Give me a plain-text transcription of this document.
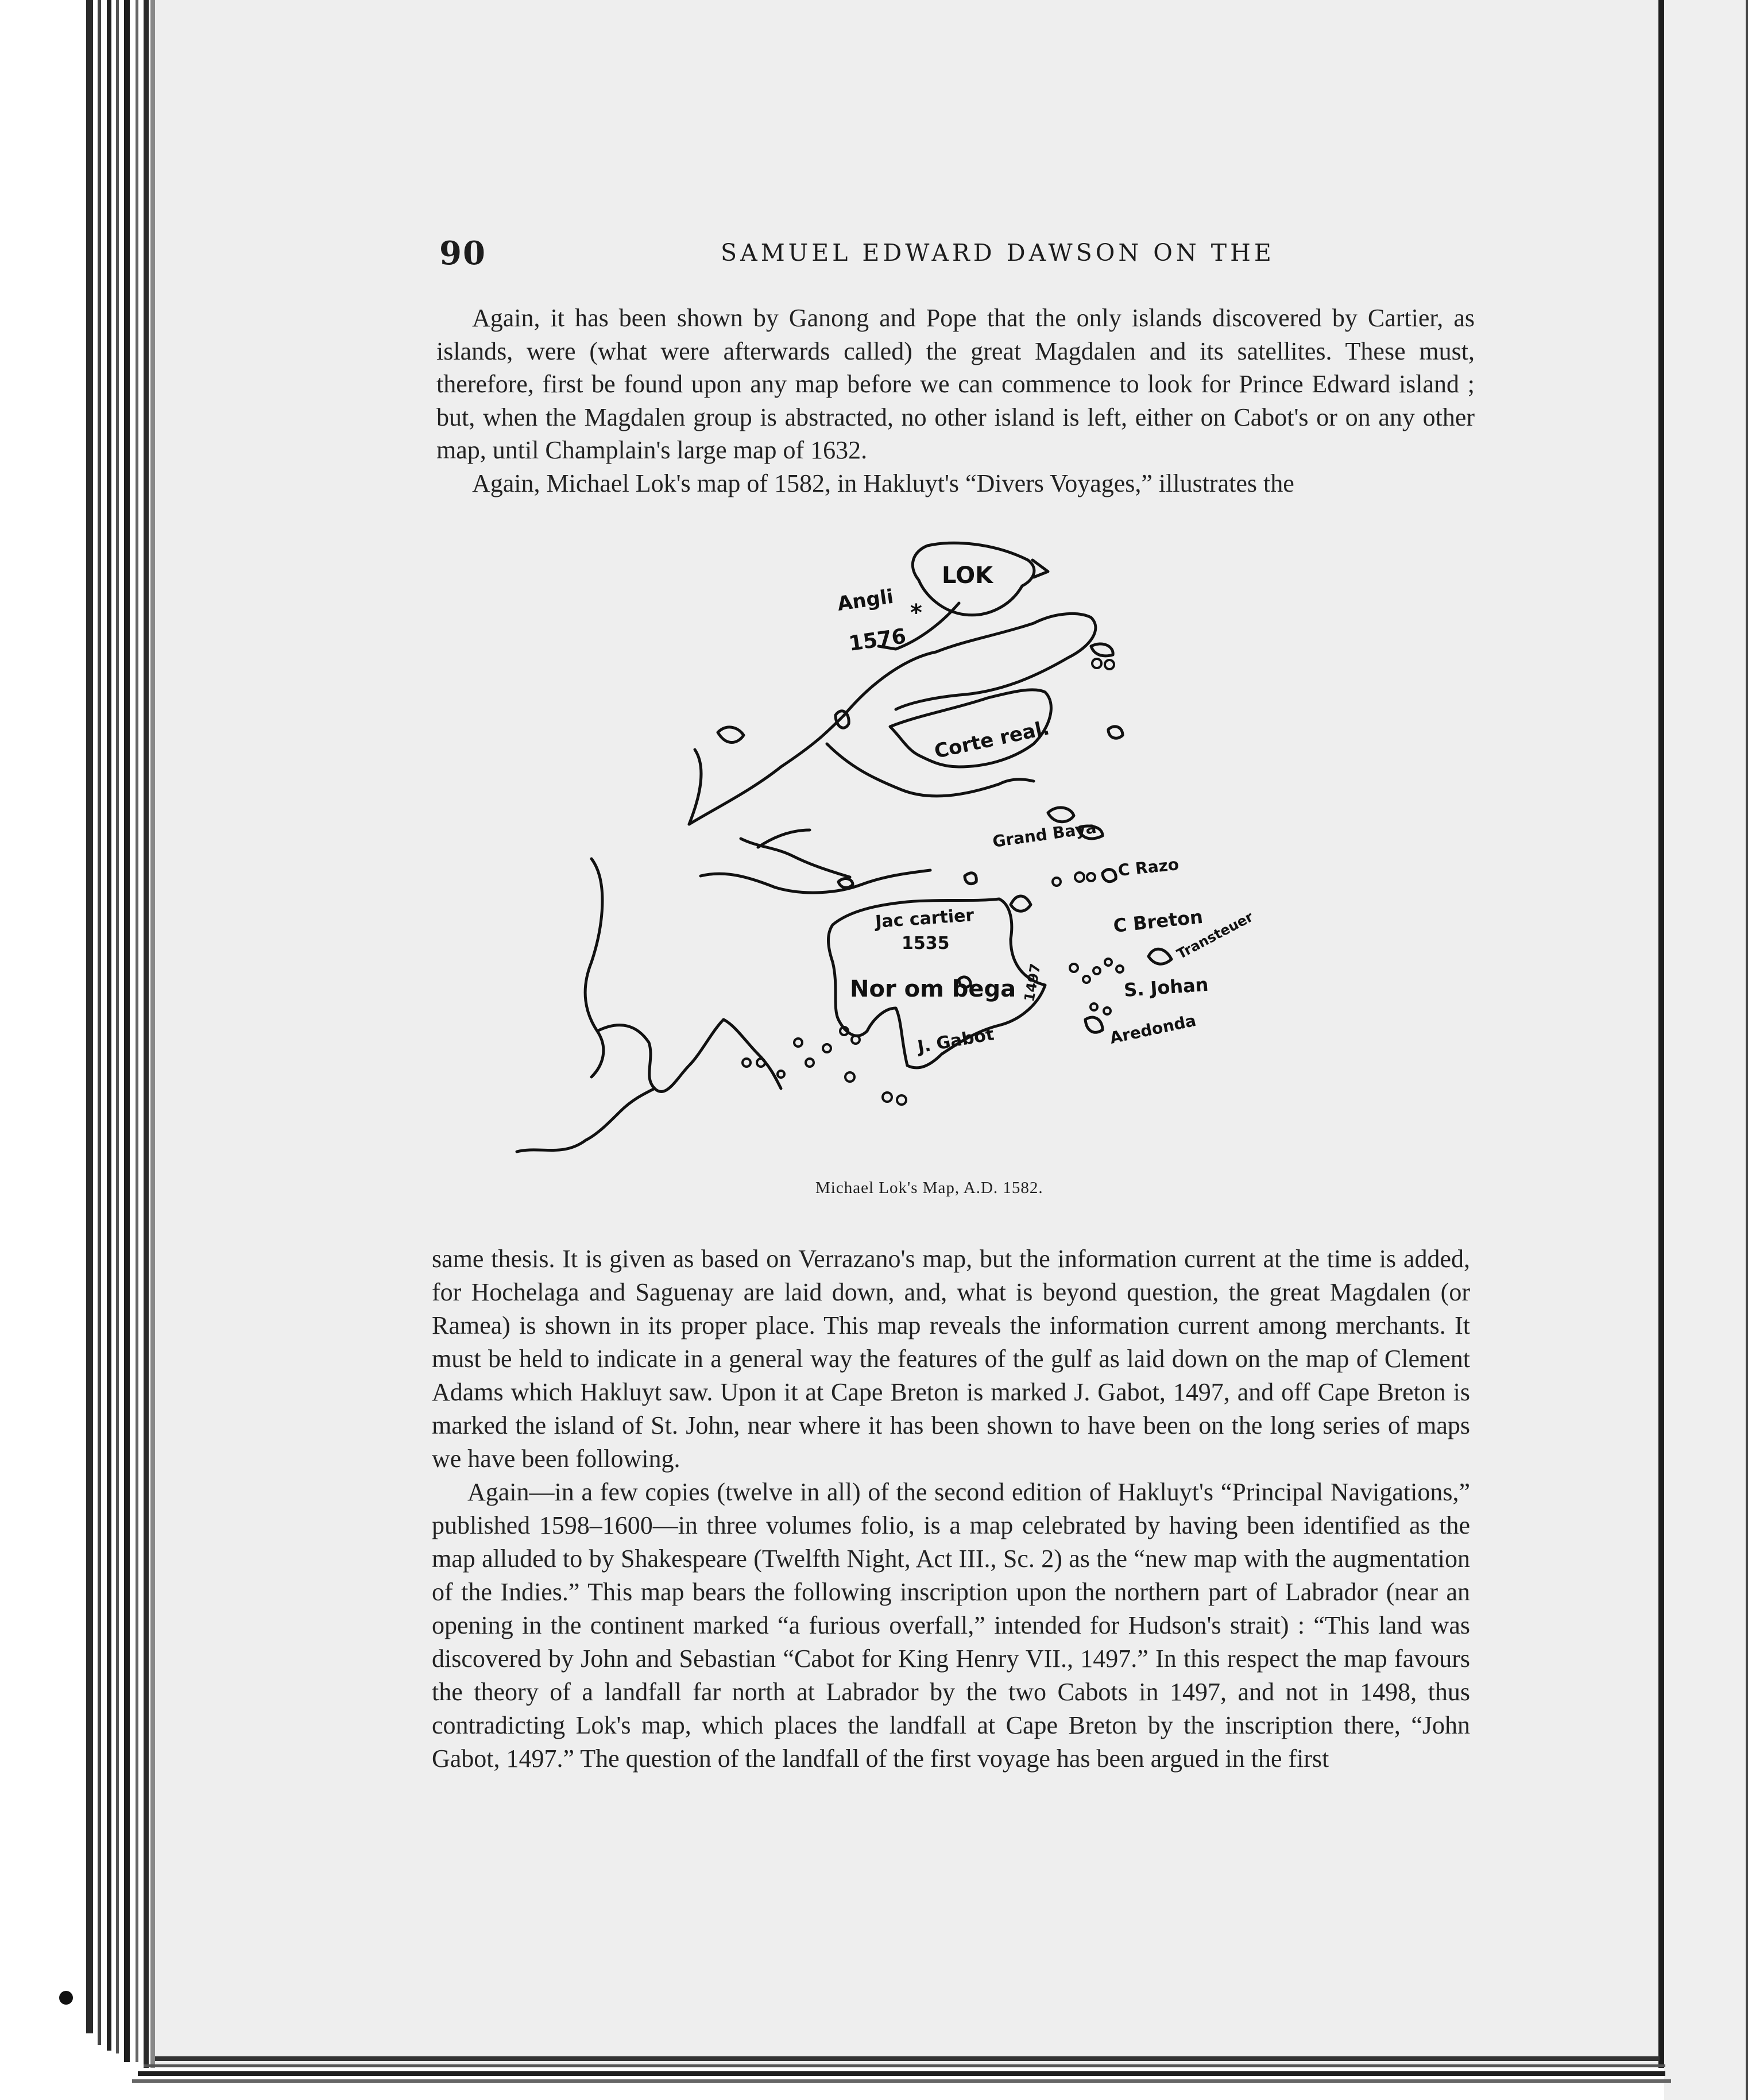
90	SAMUEL EDWARD DAWSON ON THE

Again, it has been shown by Ganong and Pope that the only islands discovered by Cartier, as islands, were (what were afterwards called) the great Magdalen and its satellites. These must, therefore, first be found upon any map before we can commence to look for Prince Edward island ; but, when the Magdalen group is abstracted, no other island is left, either on Cabot's or on any other map, until Champlain's large map of 1632.

Again, Michael Lok's map of 1582, in Hakluyt's “Divers Voyages,” illustrates the

LOK
Angli
1576
*
Corte real.
Grand Baya
C Razo
Jac cartier
1535
C Breton
Transteuer
Nor om bega 1497	S. Johan
J. Gabot	Aredonda
Michael Lok's Map, A.D. 1582.

same thesis. It is given as based on Verrazano's map, but the information current at the time is added, for Hochelaga and Saguenay are laid down, and, what is beyond question, the great Magdalen (or Ramea) is shown in its proper place. This map reveals the information current among merchants. It must be held to indicate in a general way the features of the gulf as laid down on the map of Clement Adams which Hakluyt saw. Upon it at Cape Breton is marked J. Gabot, 1497, and off Cape Breton is marked the island of St. John, near where it has been shown to have been on the long series of maps we have been following.

Again—in a few copies (twelve in all) of the second edition of Hakluyt's “Principal Navigations,” published 1598–1600—in three volumes folio, is a map celebrated by having been identified as the map alluded to by Shakespeare (Twelfth Night, Act III., Sc. 2) as the “new map with the augmentation of the Indies.” This map bears the following inscription upon the northern part of Labrador (near an opening in the continent marked “a furious overfall,” intended for Hudson's strait) : “This land was discovered by John and Sebastian “Cabot for King Henry VII., 1497.” In this respect the map favours the theory of a landfall far north at Labrador by the two Cabots in 1497, and not in 1498, thus contradicting Lok's map, which places the landfall at Cape Breton by the inscription there, “John Gabot, 1497.” The question of the landfall of the first voyage has been argued in the first
